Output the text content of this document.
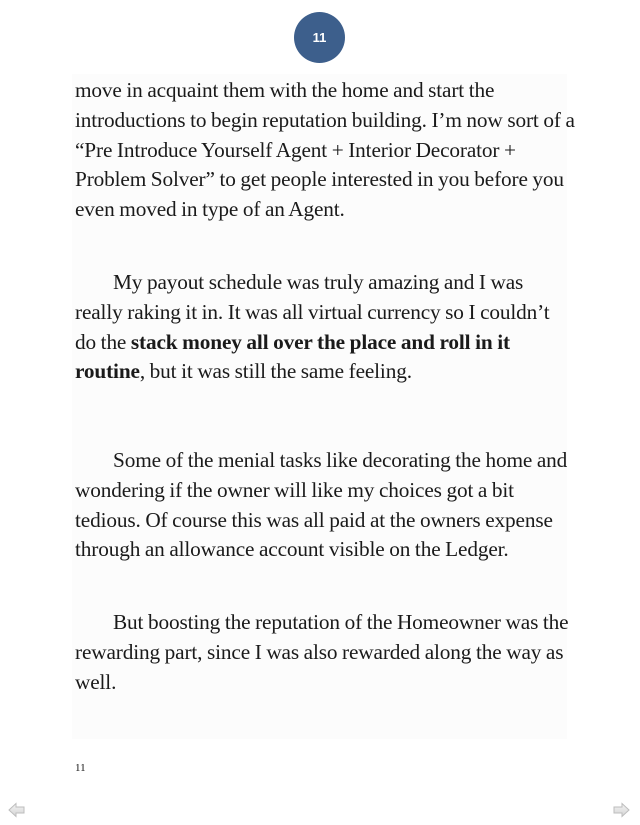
11

move in acquaint them with the home and start the introductions to begin reputation building. I’m now sort of a “Pre Introduce Yourself Agent + Interior Decorator + Problem Solver” to get people interested in you before you even moved in type of an Agent.

My payout schedule was truly amazing and I was really raking it in. It was all virtual currency so I couldn’t do the stack money all over the place and roll in it routine, but it was still the same feeling.

Some of the menial tasks like decorating the home and wondering if the owner will like my choices got a bit tedious. Of course this was all paid at the owners expense through an allowance account visible on the Ledger.

But boosting the reputation of the Homeowner was the rewarding part, since I was also rewarded along the way as well.

11
